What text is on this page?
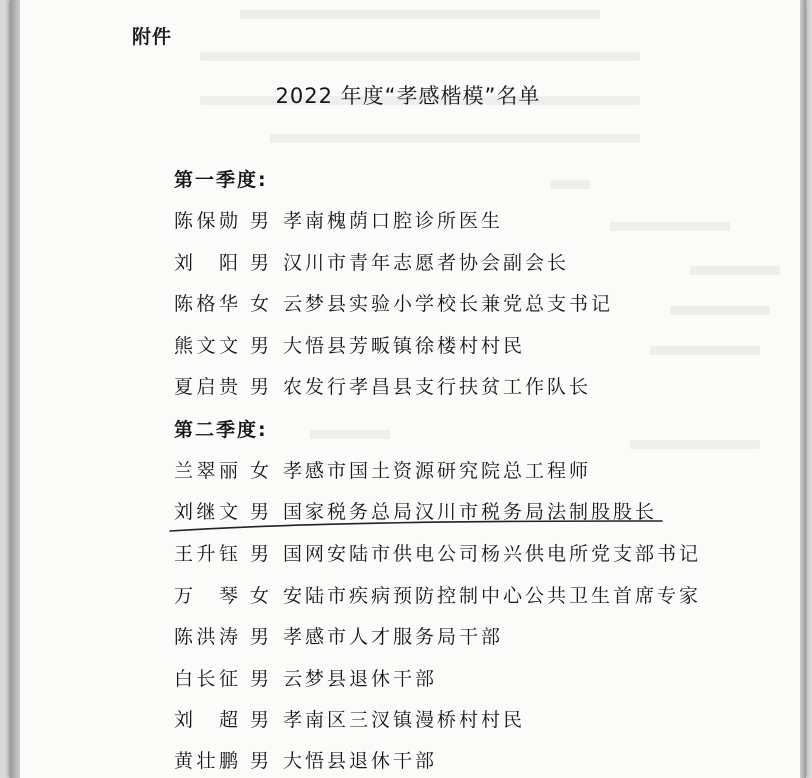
附件
2022 年度“孝感楷模”名单
第一季度:
陈保勋 男 孝南槐荫口腔诊所医生
刘阳 男 汉川市青年志愿者协会副会长
陈格华 女 云梦县实验小学校长兼党总支书记
熊文文 男 大悟县芳畈镇徐楼村村民
夏启贵 男 农发行孝昌县支行扶贫工作队长
第二季度:
兰翠丽 女 孝感市国土资源研究院总工程师
刘继文 男 国家税务总局汉川市税务局法制股股长
王升钰 男 国网安陆市供电公司杨兴供电所党支部书记
万琴 女 安陆市疾病预防控制中心公共卫生首席专家
陈洪涛 男 孝感市人才服务局干部
白长征 男 云梦县退休干部
刘超 男 孝南区三汊镇漫桥村村民
黄壮鹏 男 大悟县退休干部
